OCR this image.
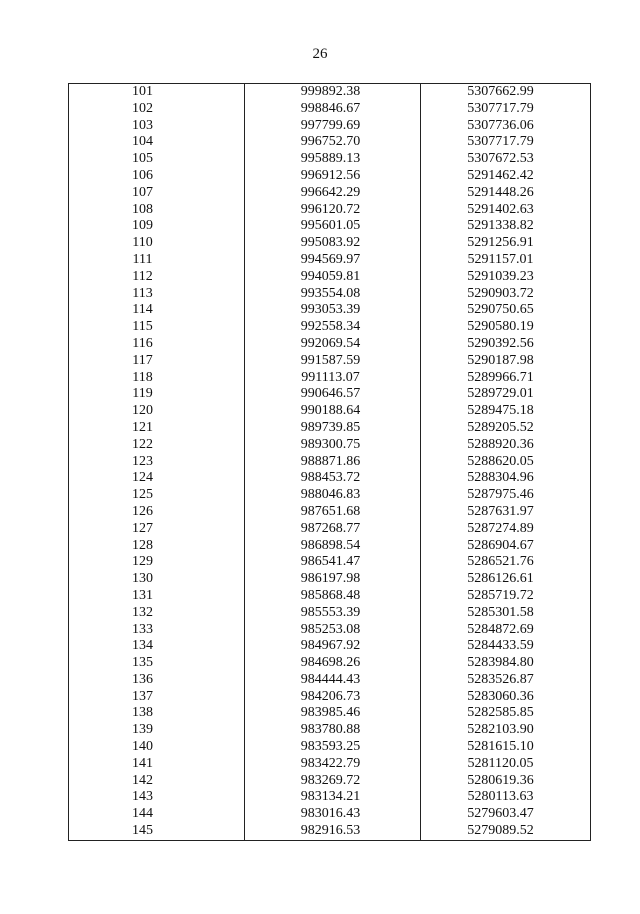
26
101	999892.38	5307662.99
102	998846.67	5307717.79
103	997799.69	5307736.06
104	996752.70	5307717.79
105	995889.13	5307672.53
106	996912.56	5291462.42
107	996642.29	5291448.26
108	996120.72	5291402.63
109	995601.05	5291338.82
110	995083.92	5291256.91
111	994569.97	5291157.01
112	994059.81	5291039.23
113	993554.08	5290903.72
114	993053.39	5290750.65
115	992558.34	5290580.19
116	992069.54	5290392.56
117	991587.59	5290187.98
118	991113.07	5289966.71
119	990646.57	5289729.01
120	990188.64	5289475.18
121	989739.85	5289205.52
122	989300.75	5288920.36
123	988871.86	5288620.05
124	988453.72	5288304.96
125	988046.83	5287975.46
126	987651.68	5287631.97
127	987268.77	5287274.89
128	986898.54	5286904.67
129	986541.47	5286521.76
130	986197.98	5286126.61
131	985868.48	5285719.72
132	985553.39	5285301.58
133	985253.08	5284872.69
134	984967.92	5284433.59
135	984698.26	5283984.80
136	984444.43	5283526.87
137	984206.73	5283060.36
138	983985.46	5282585.85
139	983780.88	5282103.90
140	983593.25	5281615.10
141	983422.79	5281120.05
142	983269.72	5280619.36
143	983134.21	5280113.63
144	983016.43	5279603.47
145	982916.53	5279089.52
